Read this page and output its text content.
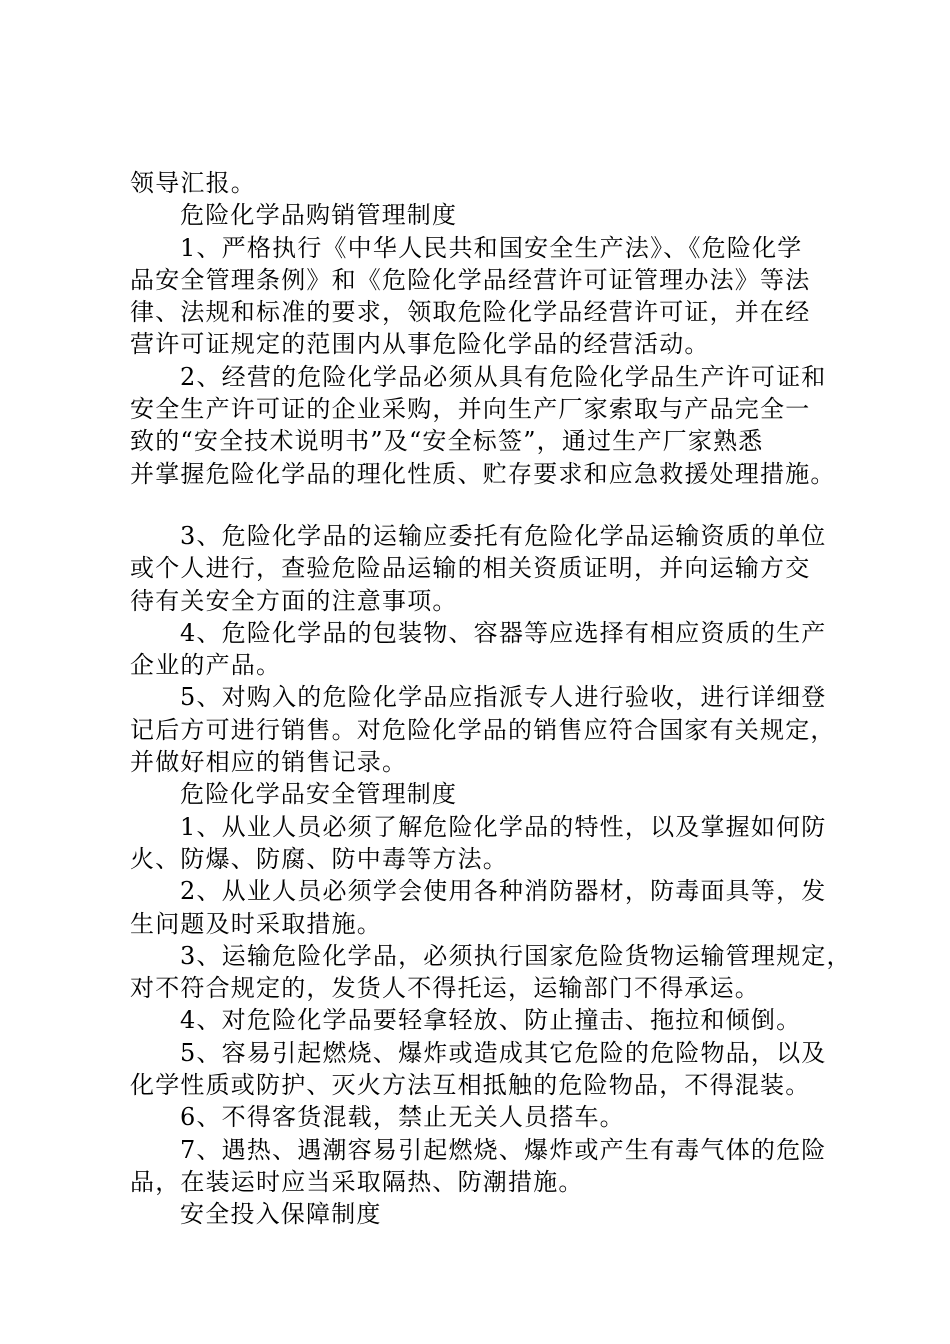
领导汇报。
危险化学品购销管理制度
1、严格执行《中华人民共和国安全生产法》、《危险化学
品安全管理条例》和《危险化学品经营许可证管理办法》等法
律、法规和标准的要求，领取危险化学品经营许可证，并在经
营许可证规定的范围内从事危险化学品的经营活动。
2、经营的危险化学品必须从具有危险化学品生产许可证和
安全生产许可证的企业采购，并向生产厂家索取与产品完全一
致的“安全技术说明书”及“安全标签”，通过生产厂家熟悉
并掌握危险化学品的理化性质、贮存要求和应急救援处理措施。
3、危险化学品的运输应委托有危险化学品运输资质的单位
或个人进行，查验危险品运输的相关资质证明，并向运输方交
待有关安全方面的注意事项。
4、危险化学品的包装物、容器等应选择有相应资质的生产
企业的产品。
5、对购入的危险化学品应指派专人进行验收，进行详细登
记后方可进行销售。对危险化学品的销售应符合国家有关规定，
并做好相应的销售记录。
危险化学品安全管理制度
1、从业人员必须了解危险化学品的特性，以及掌握如何防
火、防爆、防腐、防中毒等方法。
2、从业人员必须学会使用各种消防器材，防毒面具等，发
生问题及时采取措施。
3、运输危险化学品，必须执行国家危险货物运输管理规定，
对不符合规定的，发货人不得托运，运输部门不得承运。
4、对危险化学品要轻拿轻放、防止撞击、拖拉和倾倒。
5、容易引起燃烧、爆炸或造成其它危险的危险物品，以及
化学性质或防护、灭火方法互相抵触的危险物品，不得混装。
6、不得客货混载，禁止无关人员搭车。
7、遇热、遇潮容易引起燃烧、爆炸或产生有毒气体的危险
品，在装运时应当采取隔热、防潮措施。
安全投入保障制度
